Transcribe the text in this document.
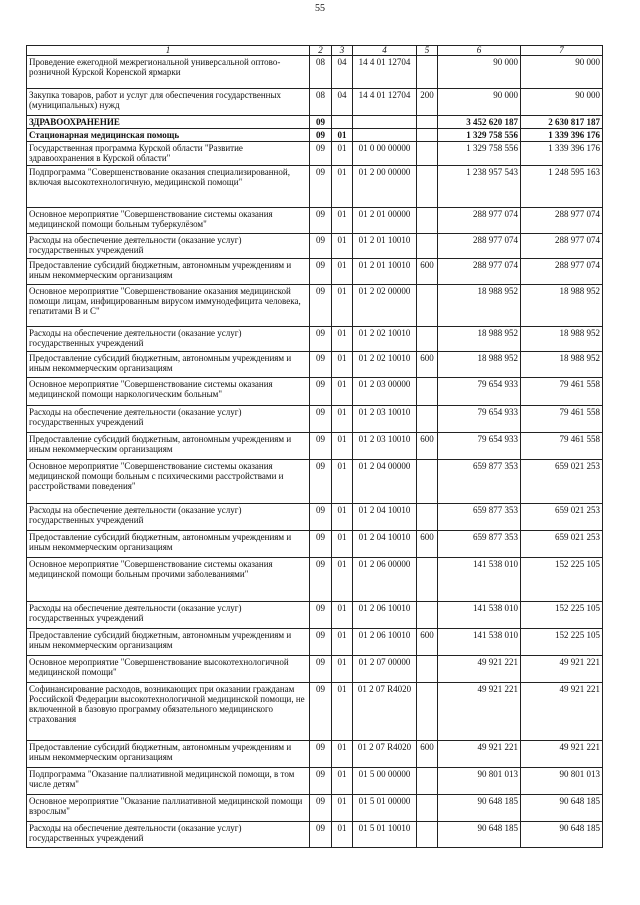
55
1	2	3	4	5	6	7
Проведение ежегодной межрегиональной универсальной оптово-розничной Курской Коренской ярмарки	08	04	14 4 01 12704		90 000	90 000
Закупка товаров, работ и услуг для обеспечения государственных (муниципальных) нужд	08	04	14 4 01 12704	200	90 000	90 000
ЗДРАВООХРАНЕНИЕ	09				3 452 620 187	2 630 817 187
Стационарная медицинская помощь	09	01			1 329 758 556	1 339 396 176
Государственная программа Курской области "Развитие здравоохранения в Курской области"	09	01	01 0 00 00000		1 329 758 556	1 339 396 176
Подпрограмма "Совершенствование оказания специализированной, включая высокотехнологичную, медицинской помощи"	09	01	01 2 00 00000		1 238 957 543	1 248 595 163
Основное мероприятие "Совершенствование системы оказания медицинской помощи больным туберкулёзом"	09	01	01 2 01 00000		288 977 074	288 977 074
Расходы на обеспечение деятельности (оказание услуг) государственных учреждений	09	01	01 2 01 10010		288 977 074	288 977 074
Предоставление субсидий бюджетным, автономным учреждениям и иным некоммерческим организациям	09	01	01 2 01 10010	600	288 977 074	288 977 074
Основное мероприятие "Совершенствование оказания медицинской помощи лицам, инфицированным вирусом иммунодефицита человека, гепатитами В и С"	09	01	01 2 02 00000		18 988 952	18 988 952
Расходы на обеспечение деятельности (оказание услуг) государственных учреждений	09	01	01 2 02 10010		18 988 952	18 988 952
Предоставление субсидий бюджетным, автономным учреждениям и иным некоммерческим организациям	09	01	01 2 02 10010	600	18 988 952	18 988 952
Основное мероприятие "Совершенствование системы оказания медицинской помощи наркологическим больным"	09	01	01 2 03 00000		79 654 933	79 461 558
Расходы на обеспечение деятельности (оказание услуг) государственных учреждений	09	01	01 2 03 10010		79 654 933	79 461 558
Предоставление субсидий бюджетным, автономным учреждениям и иным некоммерческим организациям	09	01	01 2 03 10010	600	79 654 933	79 461 558
Основное мероприятие "Совершенствование системы оказания медицинской помощи больным с психическими расстройствами и расстройствами поведения"	09	01	01 2 04 00000		659 877 353	659 021 253
Расходы на обеспечение деятельности (оказание услуг) государственных учреждений	09	01	01 2 04 10010		659 877 353	659 021 253
Предоставление субсидий бюджетным, автономным учреждениям и иным некоммерческим организациям	09	01	01 2 04 10010	600	659 877 353	659 021 253
Основное мероприятие "Совершенствование системы оказания медицинской помощи больным прочими заболеваниями"	09	01	01 2 06 00000		141 538 010	152 225 105
Расходы на обеспечение деятельности (оказание услуг) государственных учреждений	09	01	01 2 06 10010		141 538 010	152 225 105
Предоставление субсидий бюджетным, автономным учреждениям и иным некоммерческим организациям	09	01	01 2 06 10010	600	141 538 010	152 225 105
Основное мероприятие "Совершенствование высокотехнологичной медицинской помощи"	09	01	01 2 07 00000		49 921 221	49 921 221
Софинансирование расходов, возникающих при оказании гражданам Российской Федерации высокотехнологичной медицинской помощи, не включенной в базовую программу обязательного медицинского страхования	09	01	01 2 07 R4020		49 921 221	49 921 221
Предоставление субсидий бюджетным, автономным учреждениям и иным некоммерческим организациям	09	01	01 2 07 R4020	600	49 921 221	49 921 221
Подпрограмма "Оказание паллиативной медицинской помощи, в том числе детям"	09	01	01 5 00 00000		90 801 013	90 801 013
Основное мероприятие "Оказание паллиативной медицинской помощи взрослым"	09	01	01 5 01 00000		90 648 185	90 648 185
Расходы на обеспечение деятельности (оказание услуг) государственных учреждений	09	01	01 5 01 10010		90 648 185	90 648 185
